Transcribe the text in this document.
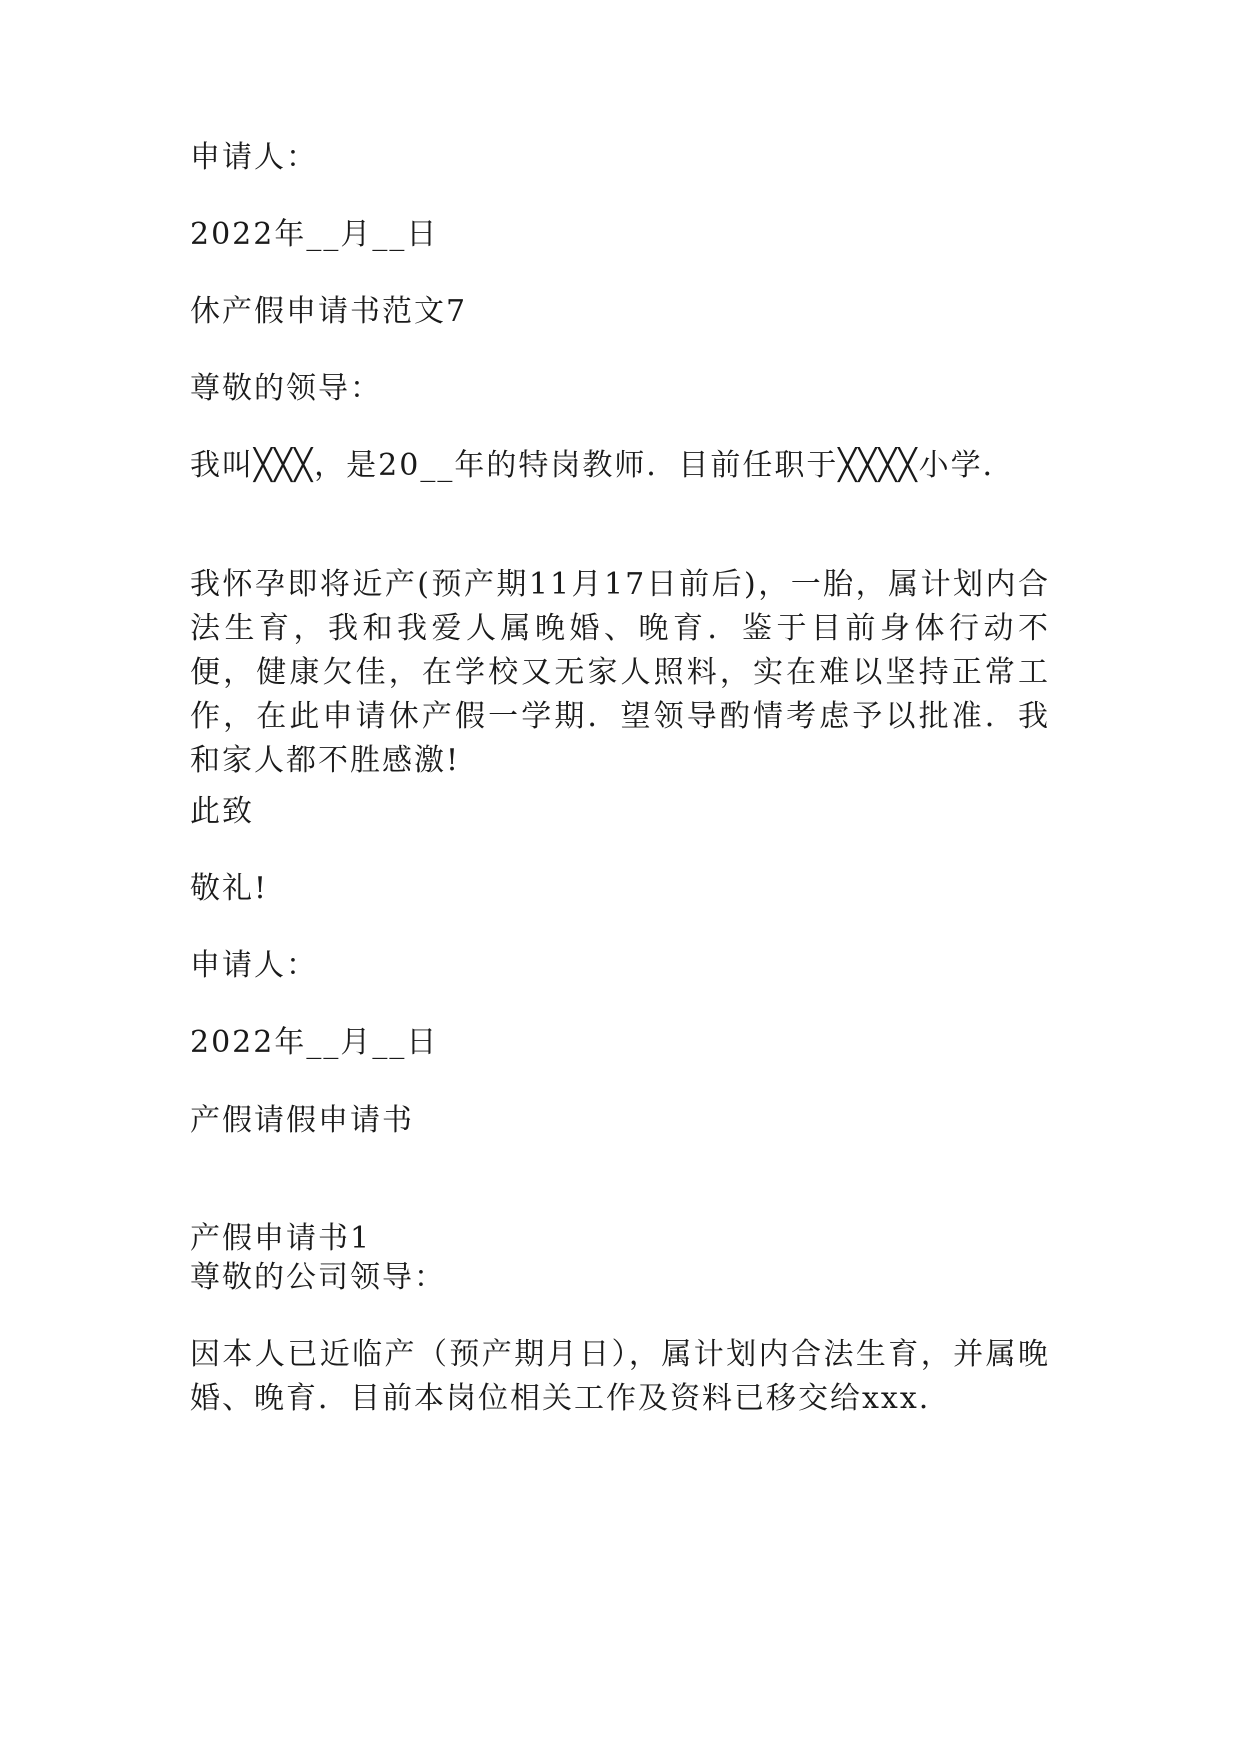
申请人：

2022年__月__日

休产假申请书范文7

尊敬的领导：

我叫╳╳╳，是20__年的特岗教师．目前任职于╳╳╳╳小学．

我怀孕即将近产(预产期11月17日前后)，一胎，属计划内合法生育，我和我爱人属晚婚、晚育．鉴于目前身体行动不便，健康欠佳，在学校又无家人照料，实在难以坚持正常工作，在此申请休产假一学期．望领导酌情考虑予以批准．我和家人都不胜感激!

此致

敬礼!

申请人：

2022年__月__日

产假请假申请书

产假申请书1

尊敬的公司领导：

因本人已近临产（预产期月日），属计划内合法生育，并属晚婚、晚育．目前本岗位相关工作及资料已移交给xxx.
